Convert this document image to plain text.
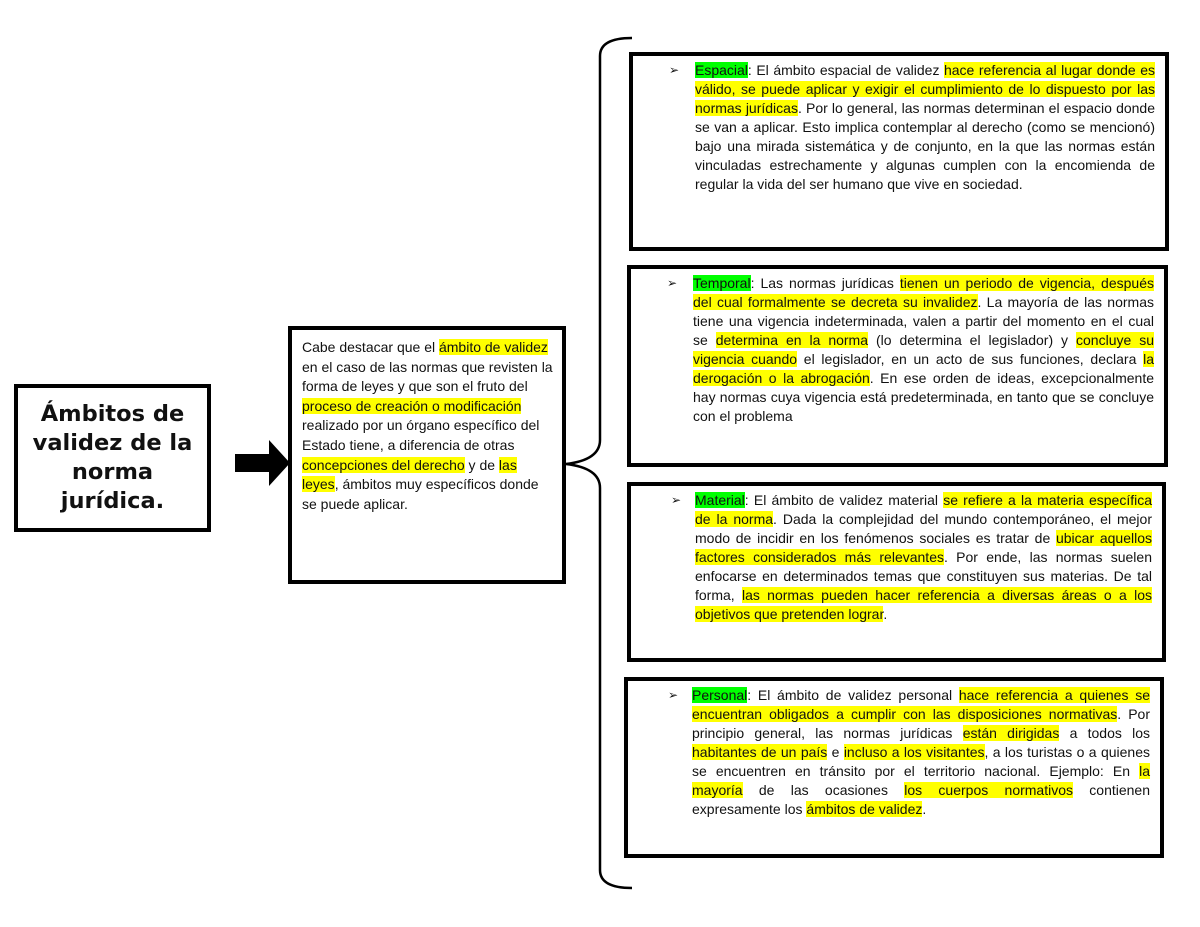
Ámbitos de validez de la norma jurídica.

Cabe destacar que el ámbito de validez en el caso de las normas que revisten la forma de leyes y que son el fruto del proceso de creación o modificación realizado por un órgano específico del Estado tiene, a diferencia de otras concepciones del derecho y de las leyes, ámbitos muy específicos donde se puede aplicar.
➢ Espacial: El ámbito espacial de validez hace referencia al lugar donde es válido, se puede aplicar y exigir el cumplimiento de lo dispuesto por las normas jurídicas. Por lo general, las normas determinan el espacio donde se van a aplicar. Esto implica contemplar al derecho (como se mencionó) bajo una mirada sistemática y de conjunto, en la que las normas están vinculadas estrechamente y algunas cumplen con la encomienda de regular la vida del ser humano que vive en sociedad.
➢ Temporal: Las normas jurídicas tienen un periodo de vigencia, después del cual formalmente se decreta su invalidez. La mayoría de las normas tiene una vigencia indeterminada, valen a partir del momento en el cual se determina en la norma (lo determina el legislador) y concluye su vigencia cuando el legislador, en un acto de sus funciones, declara la derogación o la abrogación. En ese orden de ideas, excepcionalmente hay normas cuya vigencia está predeterminada, en tanto que se concluye con el problema
➢ Material: El ámbito de validez material se refiere a la materia específica de la norma. Dada la complejidad del mundo contemporáneo, el mejor modo de incidir en los fenómenos sociales es tratar de ubicar aquellos factores considerados más relevantes. Por ende, las normas suelen enfocarse en determinados temas que constituyen sus materias. De tal forma, las normas pueden hacer referencia a diversas áreas o a los objetivos que pretenden lograr.
➢ Personal: El ámbito de validez personal hace referencia a quienes se encuentran obligados a cumplir con las disposiciones normativas. Por principio general, las normas jurídicas están dirigidas a todos los habitantes de un país e incluso a los visitantes, a los turistas o a quienes se encuentren en tránsito por el territorio nacional. Ejemplo: En la mayoría de las ocasiones los cuerpos normativos contienen expresamente los ámbitos de validez.
